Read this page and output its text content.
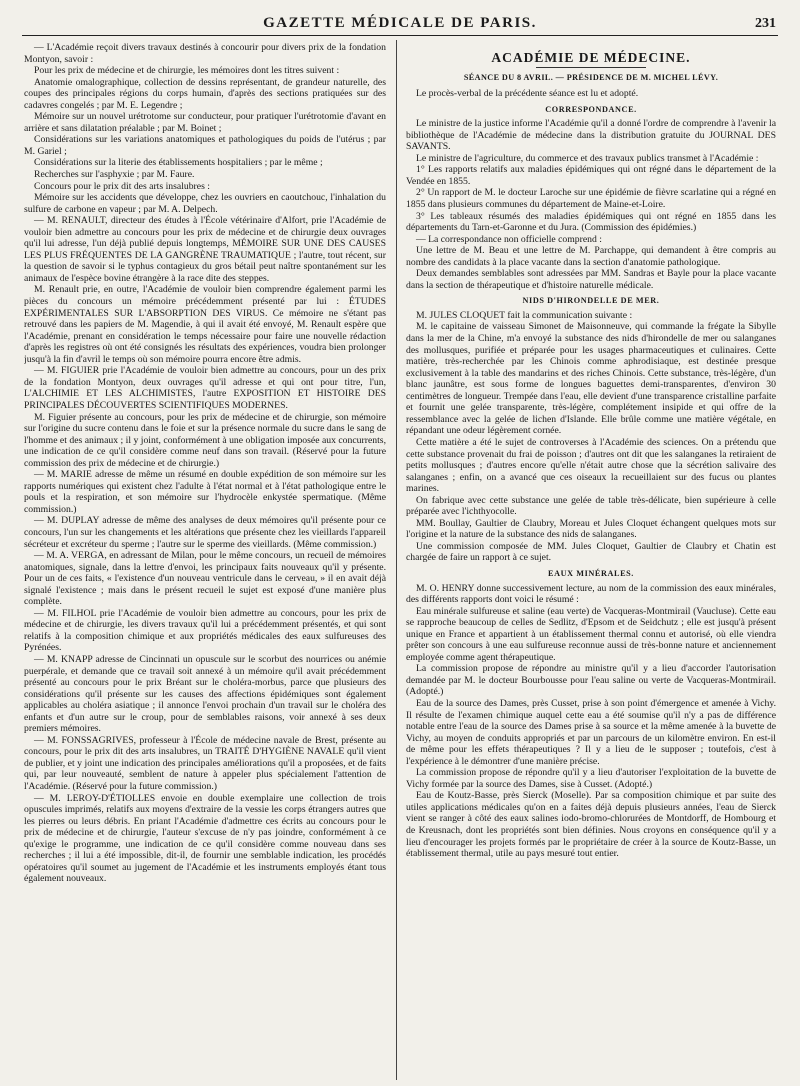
GAZETTE MÉDICALE DE PARIS.	231

— L'Académie reçoit divers travaux destinés à concourir pour divers prix de la fondation Montyon, savoir :

Pour les prix de médecine et de chirurgie, les mémoires dont les titres suivent :

Anatomie omalographique, collection de dessins représentant, de grandeur naturelle, des coupes des principales régions du corps humain, d'après des sections pratiquées sur des cadavres congelés ; par M. E. Legendre ;

Mémoire sur un nouvel urétrotome sur conducteur, pour pratiquer l'urétrotomie d'avant en arrière et sans dilatation préalable ; par M. Boinet ;

Considérations sur les variations anatomiques et pathologiques du poids de l'utérus ; par M. Gariel ;

Considérations sur la literie des établissements hospitaliers ; par le même ;

Recherches sur l'asphyxie ; par M. Faure.

Concours pour le prix dit des arts insalubres :

Mémoire sur les accidents que développe, chez les ouvriers en caoutchouc, l'inhalation du sulfure de carbone en vapeur ; par M. A. Delpech.

— M. RENAULT, directeur des études à l'École vétérinaire d'Alfort, prie l'Académie de vouloir bien admettre au concours pour les prix de médecine et de chirurgie deux ouvrages qu'il lui adresse, l'un déjà publié depuis longtemps, MÉMOIRE SUR UNE DES CAUSES LES PLUS FRÉQUENTES DE LA GANGRÈNE TRAUMATIQUE ; l'autre, tout récent, sur la question de savoir si le typhus contagieux du gros bétail peut naître spontanément sur les animaux de l'espèce bovine étrangère à la race dite des steppes.

M. Renault prie, en outre, l'Académie de vouloir bien comprendre également parmi les pièces du concours un mémoire précédemment présenté par lui : ÉTUDES EXPÉRIMENTALES SUR L'ABSORPTION DES VIRUS. Ce mémoire ne s'étant pas retrouvé dans les papiers de M. Magendie, à qui il avait été envoyé, M. Renault espère que l'Académie, prenant en considération le temps nécessaire pour faire une nouvelle rédaction d'après les registres où ont été consignés les résultats des expériences, voudra bien prolonger jusqu'à la fin d'avril le temps où son mémoire pourra encore être admis.

— M. FIGUIER prie l'Académie de vouloir bien admettre au concours, pour un des prix de la fondation Montyon, deux ouvrages qu'il adresse et qui ont pour titre, l'un, L'ALCHIMIE ET LES ALCHIMISTES, l'autre EXPOSITION ET HISTOIRE DES PRINCIPALES DÉCOUVERTES SCIENTIFIQUES MODERNES.

M. Figuier présente au concours, pour les prix de médecine et de chirurgie, son mémoire sur l'origine du sucre contenu dans le foie et sur la présence normale du sucre dans le sang de l'homme et des animaux ; il y joint, conformément à une obligation imposée aux concurrents, une indication de ce qu'il considère comme neuf dans son travail. (Réservé pour la future commission des prix de médecine et de chirurgie.)

— M. MARIE adresse de même un résumé en double expédition de son mémoire sur les rapports numériques qui existent chez l'adulte à l'état normal et à l'état pathologique entre le pouls et la respiration, et son mémoire sur l'hydrocèle enkystée spermatique. (Même commission.)

— M. DUPLAY adresse de même des analyses de deux mémoires qu'il présente pour ce concours, l'un sur les changements et les altérations que présente chez les vieillards l'appareil sécréteur et excréteur du sperme ; l'autre sur le sperme des vieillards. (Même commission.)

— M. A. VERGA, en adressant de Milan, pour le même concours, un recueil de mémoires anatomiques, signale, dans la lettre d'envoi, les principaux faits nouveaux qu'il y présente. Pour un de ces faits, « l'existence d'un nouveau ventricule dans le cerveau, » il en avait déjà signalé l'existence ; mais dans le présent recueil le sujet est exposé d'une manière plus complète.

— M. FILHOL prie l'Académie de vouloir bien admettre au concours, pour les prix de médecine et de chirurgie, les divers travaux qu'il lui a précédemment présentés, et qui sont relatifs à la composition chimique et aux propriétés médicales des eaux sulfureuses des Pyrénées.

— M. KNAPP adresse de Cincinnati un opuscule sur le scorbut des nourrices ou anémie puerpérale, et demande que ce travail soit annexé à un mémoire qu'il avait précédemment présenté au concours pour le prix Bréant sur le choléra-morbus, parce que plusieurs des considérations qu'il présente sur les causes des affections épidémiques sont également applicables au choléra asiatique ; il annonce l'envoi prochain d'un travail sur le choléra des enfants et d'un autre sur le croup, pour de semblables raisons, voir annexé à ses deux premiers mémoires.

— M. FONSSAGRIVES, professeur à l'École de médecine navale de Brest, présente au concours, pour le prix dit des arts insalubres, un TRAITÉ D'HYGIÈNE NAVALE qu'il vient de publier, et y joint une indication des principales améliorations qu'il a proposées, et de faits qui, par leur nouveauté, semblent de nature à appeler plus spécialement l'attention de l'Académie. (Réservé pour la future commission.)

— M. LEROY-D'ÉTIOLLES envoie en double exemplaire une collection de trois opuscules imprimés, relatifs aux moyens d'extraire de la vessie les corps étrangers autres que les pierres ou leurs débris. En priant l'Académie d'admettre ces écrits au concours pour le prix de médecine et de chirurgie, l'auteur s'excuse de n'y pas joindre, conformément à ce qu'exige le programme, une indication de ce qu'il considère comme nouveau dans ses recherches ; il lui a été impossible, dit-il, de fournir une semblable indication, les procédés opératoires qu'il soumet au jugement de l'Académie et les instruments employés étant tous également nouveaux.

ACADÉMIE DE MÉDECINE.
SÉANCE DU 8 AVRIL. — PRÉSIDENCE DE M. MICHEL LÉVY.

Le procès-verbal de la précédente séance est lu et adopté.

CORRESPONDANCE.

Le ministre de la justice informe l'Académie qu'il a donné l'ordre de comprendre à l'avenir la bibliothèque de l'Académie de médecine dans la distribution gratuite du JOURNAL DES SAVANTS.

Le ministre de l'agriculture, du commerce et des travaux publics transmet à l'Académie :

1° Les rapports relatifs aux maladies épidémiques qui ont régné dans le département de la Vendée en 1855.

2° Un rapport de M. le docteur Laroche sur une épidémie de fièvre scarlatine qui a régné en 1855 dans plusieurs communes du département de Maine-et-Loire.

3° Les tableaux résumés des maladies épidémiques qui ont régné en 1855 dans les départements du Tarn-et-Garonne et du Jura. (Commission des épidémies.)

— La correspondance non officielle comprend :

Une lettre de M. Beau et une lettre de M. Parchappe, qui demandent à être compris au nombre des candidats à la place vacante dans la section d'anatomie pathologique.

Deux demandes semblables sont adressées par MM. Sandras et Bayle pour la place vacante dans la section de thérapeutique et d'histoire naturelle médicale.

NIDS D'HIRONDELLE DE MER.

M. JULES CLOQUET fait la communication suivante :

M. le capitaine de vaisseau Simonet de Maisonneuve, qui commande la frégate la Sibylle dans la mer de la Chine, m'a envoyé la substance des nids d'hirondelle de mer ou salanganes des mollusques, purifiée et préparée pour les usages pharmaceutiques et culinaires. Cette matière, très-recherchée par les Chinois comme aphrodisiaque, est destinée presque exclusivement à la table des mandarins et des riches Chinois. Cette substance, très-légère, d'un blanc jaunâtre, est sous forme de longues baguettes demi-transparentes, d'environ 30 centimètres de longueur. Trempée dans l'eau, elle devient d'une transparence cristalline parfaite et fournit une gelée transparente, très-légère, complétement insipide et qui offre de la ressemblance avec la gelée de lichen d'Islande. Elle brûle comme une matière végétale, en répandant une odeur légèrement cornée.

Cette matière a été le sujet de controverses à l'Académie des sciences. On a prétendu que cette substance provenait du frai de poisson ; d'autres ont dit que les salanganes la retiraient de petits mollusques ; d'autres encore qu'elle n'était autre chose que la sécrétion salivaire des salanganes ; enfin, on a avancé que ces oiseaux la recueillaient sur des fucus ou plantes marines.

On fabrique avec cette substance une gelée de table très-délicate, bien supérieure à celle préparée avec l'ichthyocolle.

MM. Boullay, Gaultier de Claubry, Moreau et Jules Cloquet échangent quelques mots sur l'origine et la nature de la substance des nids de salanganes.

Une commission composée de MM. Jules Cloquet, Gaultier de Claubry et Chatin est chargée de faire un rapport à ce sujet.

EAUX MINÉRALES.

M. O. HENRY donne successivement lecture, au nom de la commission des eaux minérales, des différents rapports dont voici le résumé :

Eau minérale sulfureuse et saline (eau verte) de Vacqueras-Montmirail (Vaucluse). Cette eau se rapproche beaucoup de celles de Sedlitz, d'Epsom et de Seidchutz ; elle est jusqu'à présent unique en France et appartient à un établissement thermal connu et autorisé, où elle viendra prêter son concours à une eau sulfureuse reconnue aussi de très-bonne nature et anciennement employée comme agent thérapeutique.

La commission propose de répondre au ministre qu'il y a lieu d'accorder l'autorisation demandée par M. le docteur Bourbousse pour l'eau saline ou verte de Vacqueras-Montmirail. (Adopté.)

Eau de la source des Dames, près Cusset, prise à son point d'émergence et amenée à Vichy. Il résulte de l'examen chimique auquel cette eau a été soumise qu'il n'y a pas de différence notable entre l'eau de la source des Dames prise à sa source et la même amenée à la buvette de Vichy, au moyen de conduits appropriés et par un parcours de un kilomètre environ. En est-il de même pour les effets thérapeutiques ? Il y a lieu de le supposer ; toutefois, c'est à l'expérience à le démontrer d'une manière précise.

La commission propose de répondre qu'il y a lieu d'autoriser l'exploitation de la buvette de Vichy formée par la source des Dames, sise à Cusset. (Adopté.)

Eau de Koutz-Basse, près Sierck (Moselle). Par sa composition chimique et par suite des utiles applications médicales qu'on en a faites déjà depuis plusieurs années, l'eau de Sierck vient se ranger à côté des eaux salines iodo-bromo-chlorurées de Montdorff, de Hombourg et de Kreusnach, dont les propriétés sont bien définies. Nous croyons en conséquence qu'il y a lieu d'encourager les projets formés par le propriétaire de créer à la source de Koutz-Basse, un établissement thermal, utile au pays mesuré tout entier.
